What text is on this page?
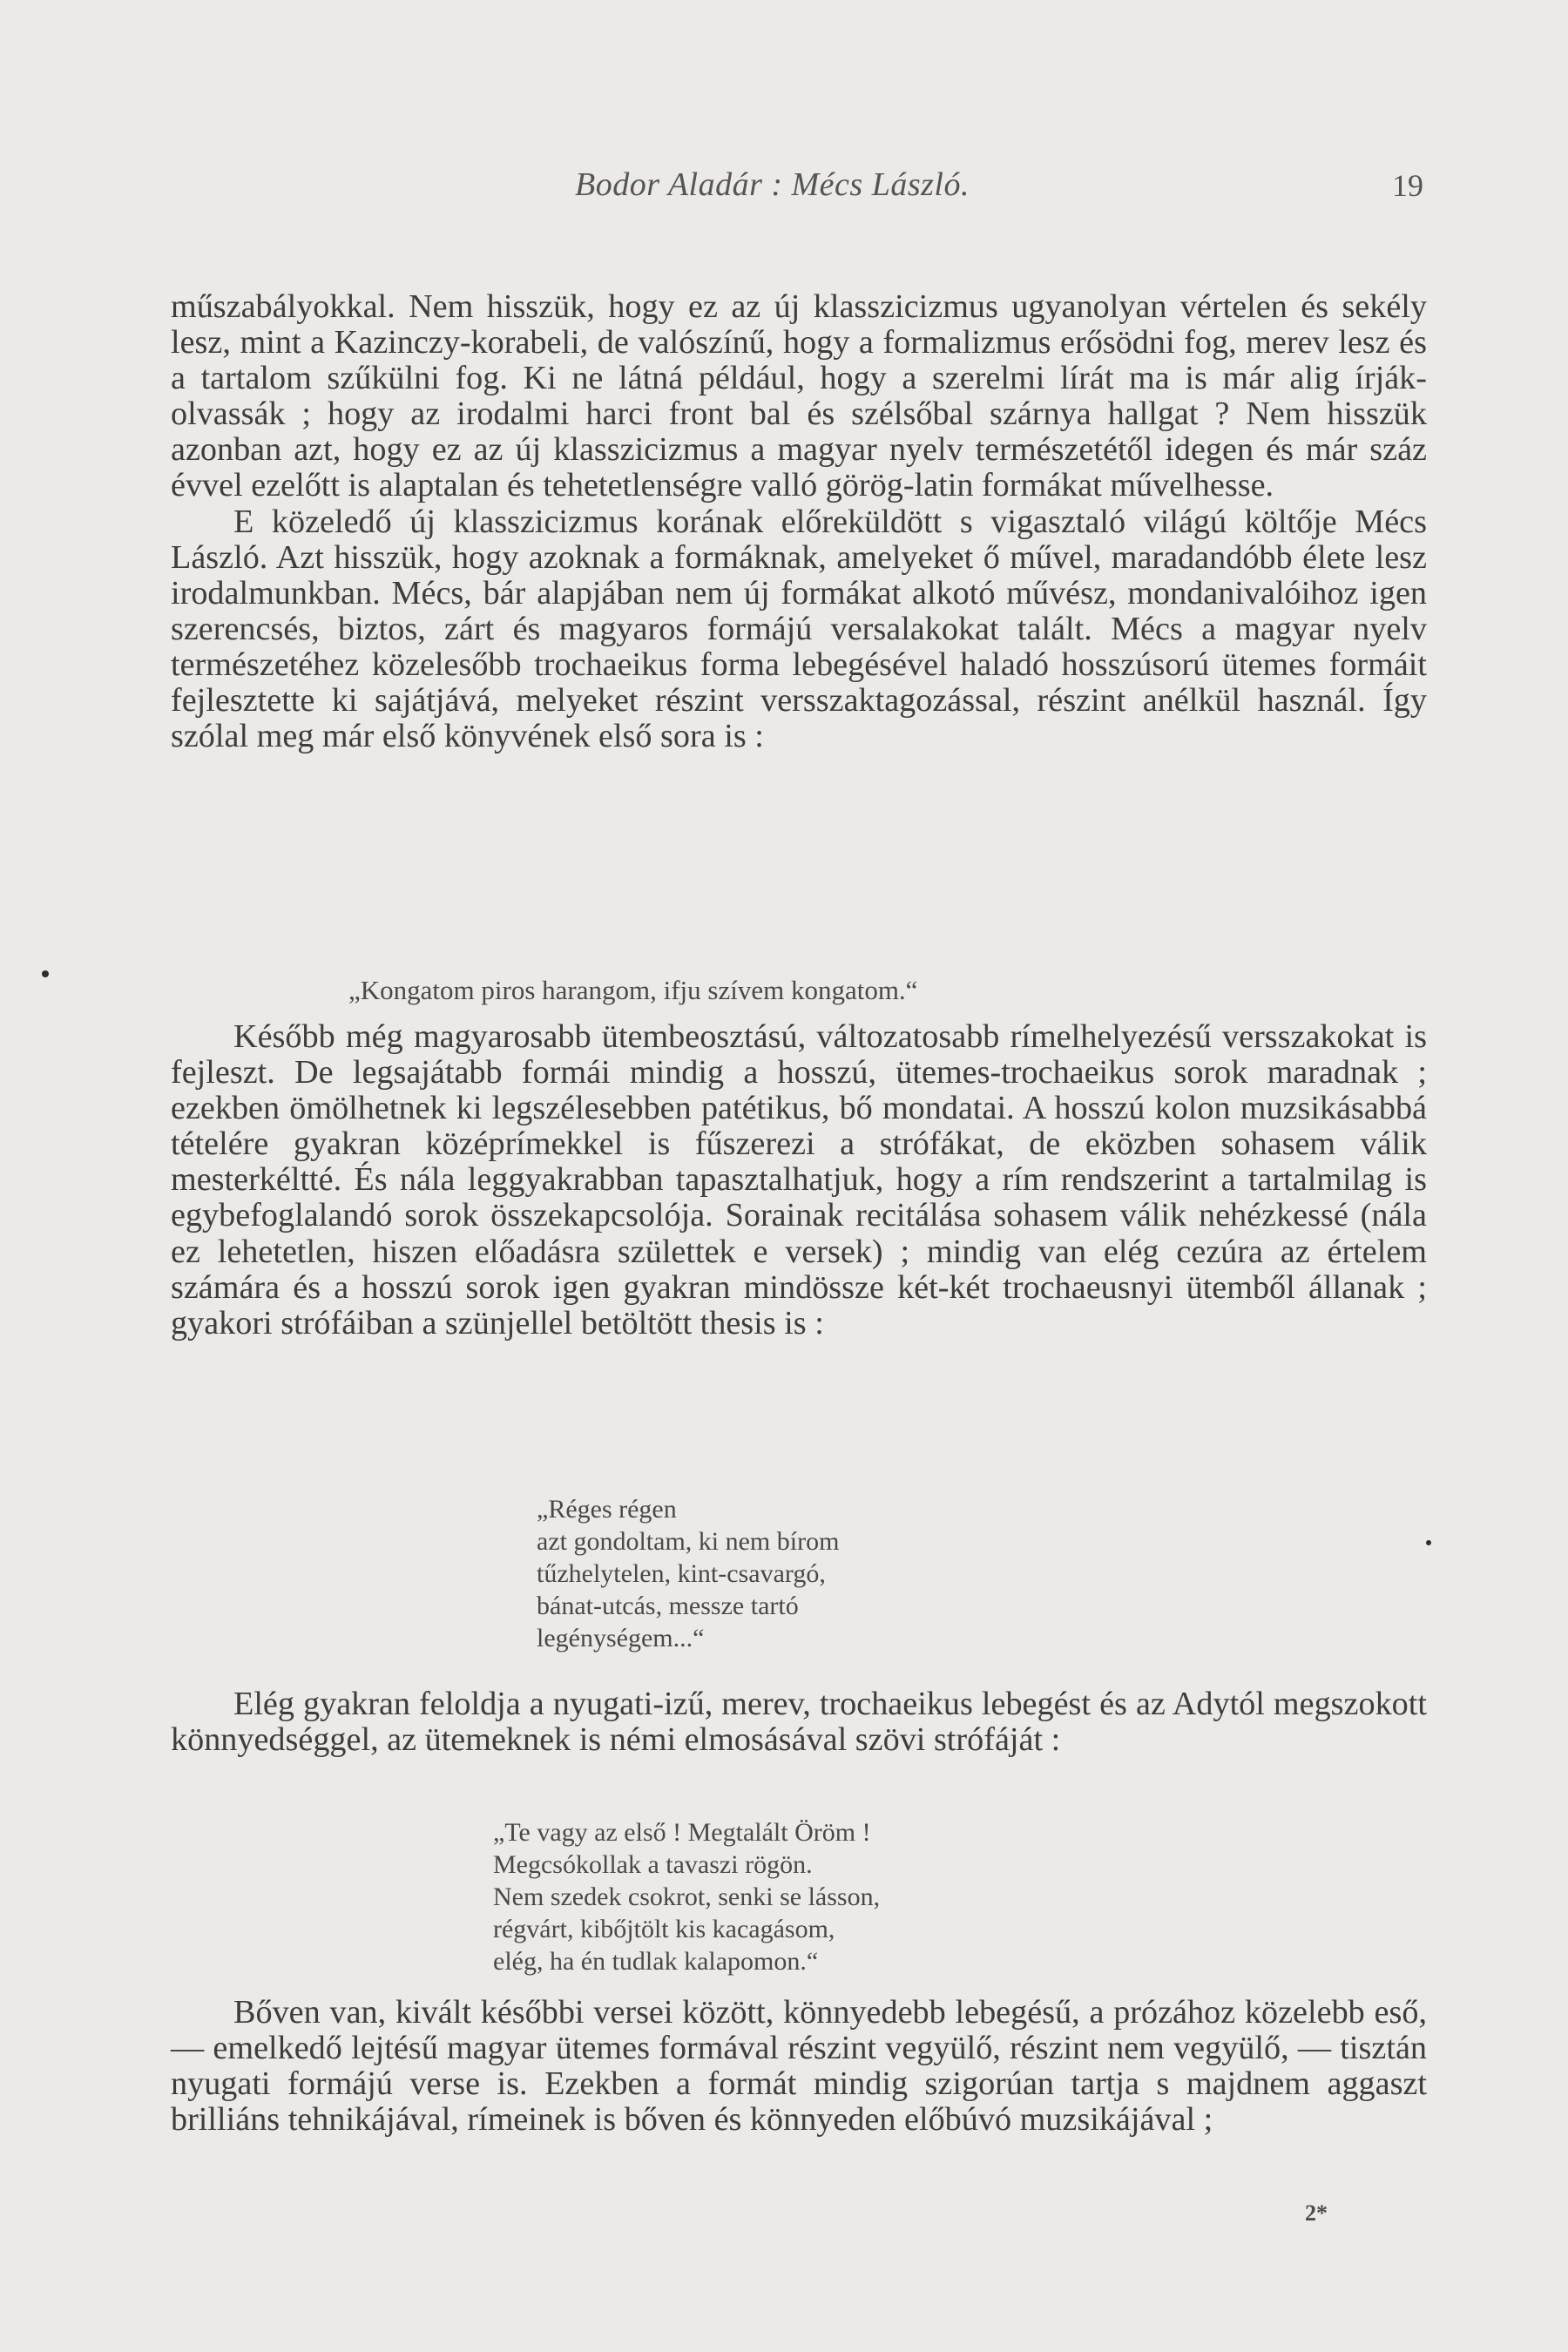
Bodor Aladár : Mécs László.	19

műszabályokkal. Nem hisszük, hogy ez az új klasszicizmus ugyanolyan vértelen és sekély lesz, mint a Kazinczy-korabeli, de valószínű, hogy a formalizmus erősödni fog, merev lesz és a tartalom szűkülni fog. Ki ne látná például, hogy a szerelmi lírát ma is már alig írják-olvassák ; hogy az irodalmi harci front bal és szélsőbal szárnya hallgat ? Nem hisszük azonban azt, hogy ez az új klasszicizmus a magyar nyelv természetétől idegen és már száz évvel ezelőtt is alaptalan és tehetetlenségre valló görög-latin formákat művelhesse.

E közeledő új klasszicizmus korának előreküldött s vigasztaló világú költője Mécs László. Azt hisszük, hogy azoknak a formáknak, amelyeket ő művel, maradandóbb élete lesz irodalmunkban. Mécs, bár alapjában nem új formákat alkotó művész, mondanivalóihoz igen szerencsés, biztos, zárt és magyaros formájú versalakokat talált. Mécs a magyar nyelv természetéhez közelesőbb trochaeikus forma lebegésével haladó hosszúsorú ütemes formáit fejlesztette ki sajátjává, melyeket részint versszaktagozással, részint anélkül használ. Így szólal meg már első könyvének első sora is :

„Kongatom piros harangom, ifju szívem kongatom.“

Később még magyarosabb ütembeosztású, változatosabb rímelhelyezésű versszakokat is fejleszt. De legsajátabb formái mindig a hosszú, ütemes-trochaeikus sorok maradnak ; ezekben ömölhetnek ki legszélesebben patétikus, bő mondatai. A hosszú kolon muzsikásabbá tételére gyakran középrímekkel is fűszerezi a strófákat, de eközben sohasem válik mesterkéltté. És nála leggyakrabban tapasztalhatjuk, hogy a rím rendszerint a tartalmilag is egybefoglalandó sorok összekapcsolója. Sorainak recitálása sohasem válik nehézkessé (nála ez lehetetlen, hiszen előadásra születtek e versek) ; mindig van elég cezúra az értelem számára és a hosszú sorok igen gyakran mindössze két-két trochaeusnyi ütemből állanak ; gyakori strófáiban a szünjellel betöltött thesis is :

„Réges régen
azt gondoltam, ki nem bírom
tűzhelytelen, kint-csavargó,
bánat-utcás, messze tartó
legénységem...“

Elég gyakran feloldja a nyugati-izű, merev, trochaeikus lebegést és az Adytól megszokott könnyedséggel, az ütemeknek is némi elmosásával szövi strófáját :

„Te vagy az első ! Megtalált Öröm !
Megcsókollak a tavaszi rögön.
Nem szedek csokrot, senki se lásson,
régvárt, kibőjtölt kis kacagásom,
elég, ha én tudlak kalapomon.“

Bőven van, kivált későbbi versei között, könnyedebb lebegésű, a prózához közelebb eső, — emelkedő lejtésű magyar ütemes formával részint vegyülő, részint nem vegyülő, — tisztán nyugati formájú verse is. Ezekben a formát mindig szigorúan tartja s majdnem aggaszt brilliáns tehnikájával, rímeinek is bőven és könnyeden előbúvó muzsikájával ;

2*
